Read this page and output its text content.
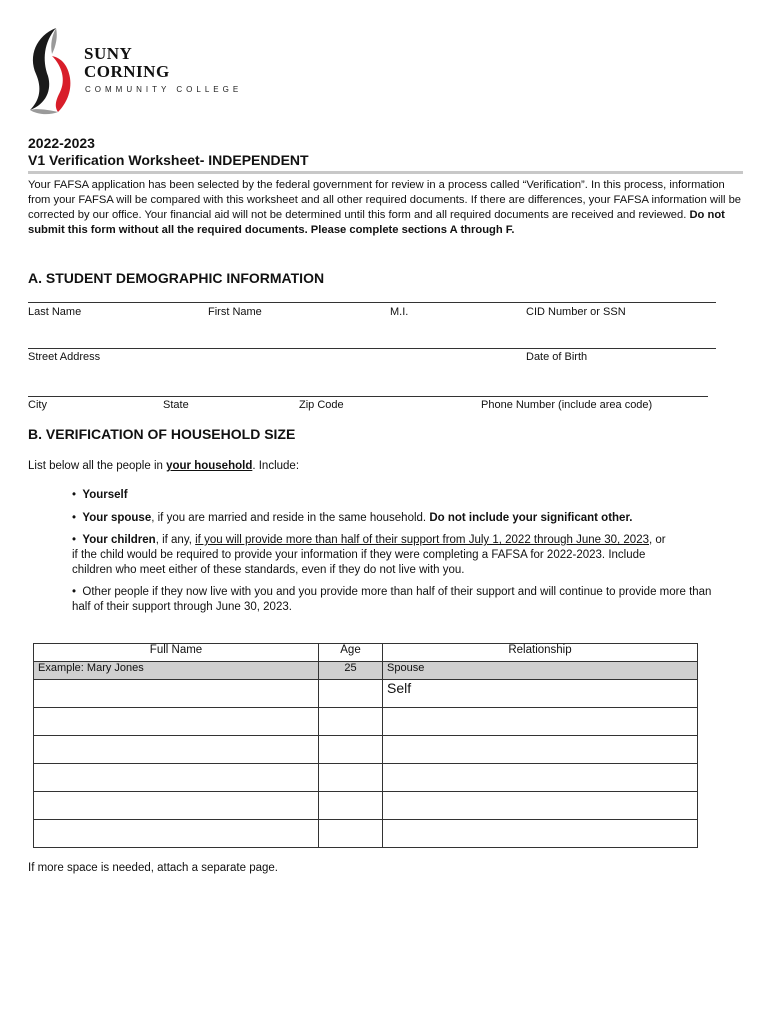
SUNY
CORNING
COMMUNITY COLLEGE
2022-2023
V1 Verification Worksheet- INDEPENDENT
Your FAFSA application has been selected by the federal government for review in a process called “Verification”. In this process, information from your FAFSA will be compared with this worksheet and all other required documents. If there are differences, your FAFSA information will be corrected by our office. Your financial aid will not be determined until this form and all required documents are received and reviewed. Do not submit this form without all the required documents. Please complete sections A through F.
A. STUDENT DEMOGRAPHIC INFORMATION
Last Name	First Name	M.I.	CID Number or SSN
Street Address	Date of Birth
City	State	Zip Code	Phone Number (include area code)
B. VERIFICATION OF HOUSEHOLD SIZE
List below all the people in your household. Include:
• Yourself
• Your spouse, if you are married and reside in the same household. Do not include your significant other.
• Your children, if any, if you will provide more than half of their support from July 1, 2022 through June 30, 2023, or if the child would be required to provide your information if they were completing a FAFSA for 2022-2023. Include children who meet either of these standards, even if they do not live with you.
• Other people if they now live with you and you provide more than half of their support and will continue to provide more than half of their support through June 30, 2023.
Full Name	Age	Relationship
Example: Mary Jones	25	Spouse
		Self

If more space is needed, attach a separate page.
